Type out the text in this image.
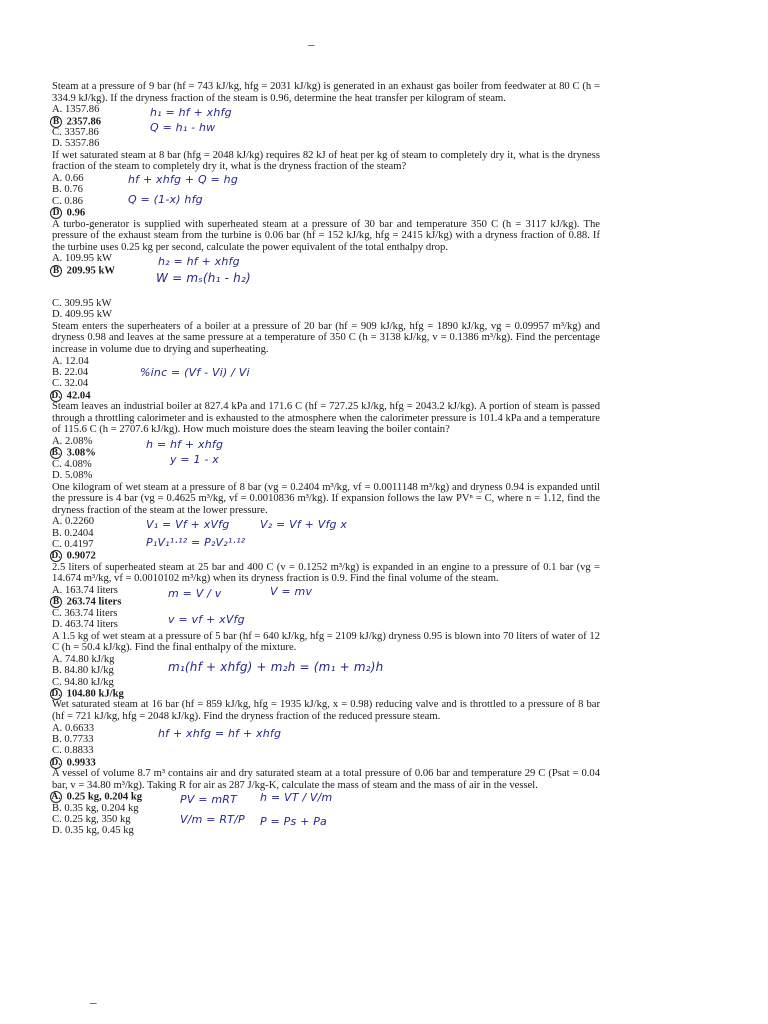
_

Steam at a pressure of 9 bar (hf = 743 kJ/kg, hfg = 2031 kJ/kg) is generated in an exhaust gas boiler from feedwater at 80 C (h = 334.9 kJ/kg). If the dryness fraction of the steam is 0.96, determine the heat transfer per kilogram of steam.

A. 1357.86
B 2357.86
C. 3357.86
D. 5357.86
h₁ = hf + xhfg
Q = h₁ - hw

If wet saturated steam at 8 bar (hfg = 2048 kJ/kg) requires 82 kJ of heat per kg of steam to completely dry it, what is the dryness fraction of the steam to completely dry it, what is the dryness fraction of the steam?

A. 0.66
B. 0.76
C. 0.86
D 0.96
hf + xhfg + Q = hg
Q = (1-x) hfg

A turbo-generator is supplied with superheated steam at a pressure of 30 bar and temperature 350 C (h = 3117 kJ/kg). The pressure of the exhaust steam from the turbine is 0.06 bar (hf = 152 kJ/kg, hfg = 2415 kJ/kg) with a dryness fraction of 0.88. If the turbine uses 0.25 kg per second, calculate the power equivalent of the total enthalpy drop.

A. 109.95 kW
B 209.95 kW
C. 309.95 kW
D. 409.95 kW
h₂ = hf + xhfg
W = mₛ(h₁ - h₂)

Steam enters the superheaters of a boiler at a pressure of 20 bar (hf = 909 kJ/kg, hfg = 1890 kJ/kg, vg = 0.09957 m³/kg) and dryness 0.98 and leaves at the same pressure at a temperature of 350 C (h = 3138 kJ/kg, v = 0.1386 m³/kg). Find the percentage increase in volume due to drying and superheating.

A. 12.04
B. 22.04
C. 32.04
D. 42.04
%inc = (Vf - Vi) / Vi

Steam leaves an industrial boiler at 827.4 kPa and 171.6 C (hf = 727.25 kJ/kg, hfg = 2043.2 kJ/kg). A portion of steam is passed through a throttling calorimeter and is exhausted to the atmosphere when the calorimeter pressure is 101.4 kPa and a temperature of 115.6 C (h = 2707.6 kJ/kg). How much moisture does the steam leaving the boiler contain?

A. 2.08%
B. 3.08%
C. 4.08%
D. 5.08%
h = hf + xhfg
y = 1 - x

One kilogram of wet steam at a pressure of 8 bar (vg = 0.2404 m³/kg, vf = 0.0011148 m³/kg) and dryness 0.94 is expanded until the pressure is 4 bar (vg = 0.4625 m³/kg, vf = 0.0010836 m³/kg). If expansion follows the law PVⁿ = C, where n = 1.12, find the dryness fraction of the steam at the lower pressure.

A. 0.2260
B. 0.2404
C. 0.4197
D. 0.9072
V₁ = Vf + xVfg	V₂ = Vf + Vfg x
P₁V₁¹·¹² = P₂V₂¹·¹²

2.5 liters of superheated steam at 25 bar and 400 C (v = 0.1252 m³/kg) is expanded in an engine to a pressure of 0.1 bar (vg = 14.674 m³/kg, vf = 0.0010102 m³/kg) when its dryness fraction is 0.9. Find the final volume of the steam.

A. 163.74 liters
B 263.74 liters
C. 363.74 liters
D. 463.74 liters
m = V / v	V = mv
v = vf + xVfg

A 1.5 kg of wet steam at a pressure of 5 bar (hf = 640 kJ/kg, hfg = 2109 kJ/kg) dryness 0.95 is blown into 70 liters of water of 12 C (h = 50.4 kJ/kg). Find the final enthalpy of the mixture.

A. 74.80 kJ/kg
B. 84.80 kJ/kg
C. 94.80 kJ/kg
D. 104.80 kJ/kg
m₁(hf + xhfg) + m₂h = (m₁ + m₂)h

Wet saturated steam at 16 bar (hf = 859 kJ/kg, hfg = 1935 kJ/kg, x = 0.98) reducing valve and is throttled to a pressure of 8 bar (hf = 721 kJ/kg, hfg = 2048 kJ/kg). Find the dryness fraction of the reduced pressure steam.

A. 0.6633
B. 0.7733
C. 0.8833
D. 0.9933
hf + xhfg = hf + xhfg

A vessel of volume 8.7 m³ contains air and dry saturated steam at a total pressure of 0.06 bar and temperature 29 C (Psat = 0.04 bar, v = 34.80 m³/kg). Taking R for air as 287 J/kg-K, calculate the mass of steam and the mass of air in the vessel.

A. 0.25 kg, 0.204 kg
B. 0.35 kg, 0.204 kg
C. 0.25 kg, 350 kg
D. 0.35 kg, 0.45 kg
PV = mRT h = VT / V/m
V/m = RT/P P = Ps + Pa
_
